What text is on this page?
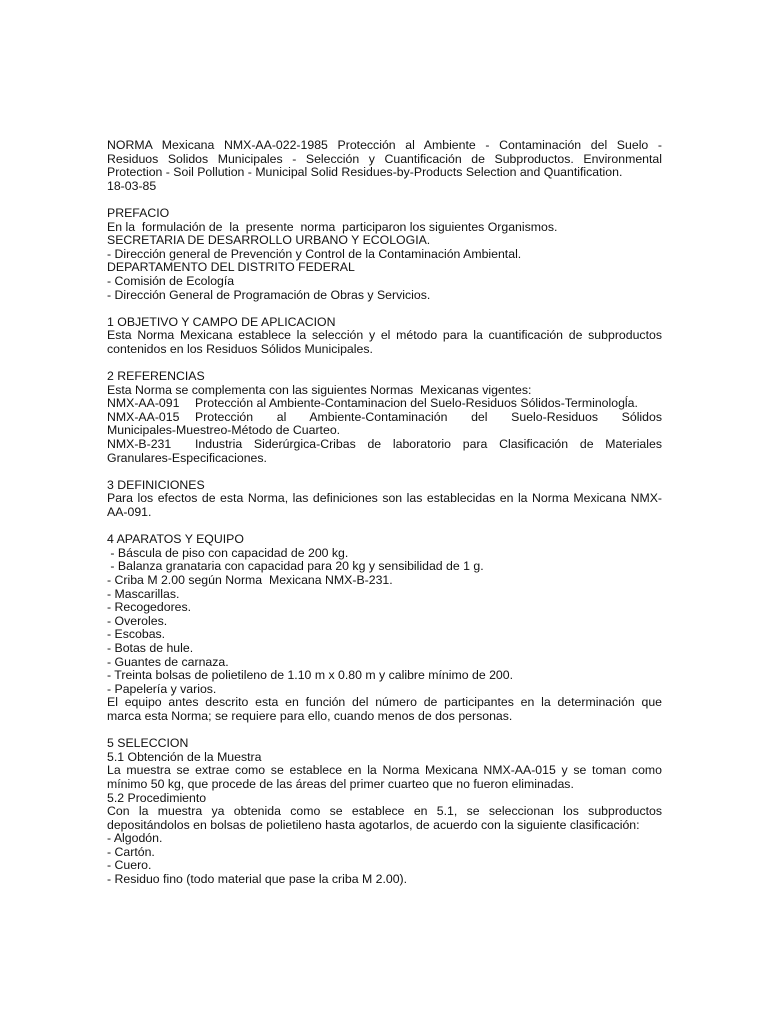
NORMA Mexicana NMX-AA-022-1985 Protección al Ambiente - Contaminación del Suelo -

Residuos Solidos Municipales - Selección y Cuantificación de Subproductos. Environmental

Protection - Soil Pollution - Municipal Solid Residues-by-Products Selection and Quantification.

18-03-85

PREFACIO

En la  formulación de  la  presente  norma  participaron los siguientes Organismos.

SECRETARIA DE DESARROLLO URBANO Y ECOLOGIA.

- Dirección general de Prevención y Control de la Contaminación Ambiental.

DEPARTAMENTO DEL DISTRITO FEDERAL

- Comisión de Ecología

- Dirección General de Programación de Obras y Servicios.

1 OBJETIVO Y CAMPO DE APLICACION

Esta Norma Mexicana establece la selección y el método para la cuantificación de subproductos

contenidos en los Residuos Sólidos Municipales.

2 REFERENCIAS

Esta Norma se complementa con las siguientes Normas  Mexicanas vigentes:

NMX-AA-091	Protección al Ambiente-Contaminacion del Suelo-Residuos Sólidos-Terminologĺa.
NMX-AA-015	Protección al Ambiente-Contaminación del Suelo-Residuos Sólidos

Municipales-Muestreo-Método de Cuarteo.

NMX-B-231	Industria Siderúrgica-Cribas de laboratorio para Clasificación de Materiales

Granulares-Especificaciones.

3 DEFINICIONES

Para los efectos de esta Norma, las definiciones son las establecidas en la Norma Mexicana NMX-

AA-091.

4 APARATOS Y EQUIPO

- Báscula de piso con capacidad de 200 kg.

- Balanza granataria con capacidad para 20 kg y sensibilidad de 1 g.

- Criba M 2.00 según Norma  Mexicana NMX-B-231.

- Mascarillas.

- Recogedores.

- Overoles.

- Escobas.

- Botas de hule.

- Guantes de carnaza.

- Treinta bolsas de polietileno de 1.10 m x 0.80 m y calibre mínimo de 200.

- Papelería y varios.

El equipo antes descrito esta en función del número de participantes en la determinación que

marca esta Norma; se requiere para ello, cuando menos de dos personas.

5 SELECCION

5.1 Obtención de la Muestra

La muestra se extrae como se establece en la Norma Mexicana NMX-AA-015 y se toman como

mínimo 50 kg, que procede de las áreas del primer cuarteo que no fueron eliminadas.

5.2 Procedimiento

Con la muestra ya obtenida como se establece en 5.1, se seleccionan los subproductos

depositándolos en bolsas de polietileno hasta agotarlos, de acuerdo con la siguiente clasificación:

- Algodón.

- Cartón.

- Cuero.

- Residuo fino (todo material que pase la criba M 2.00).
